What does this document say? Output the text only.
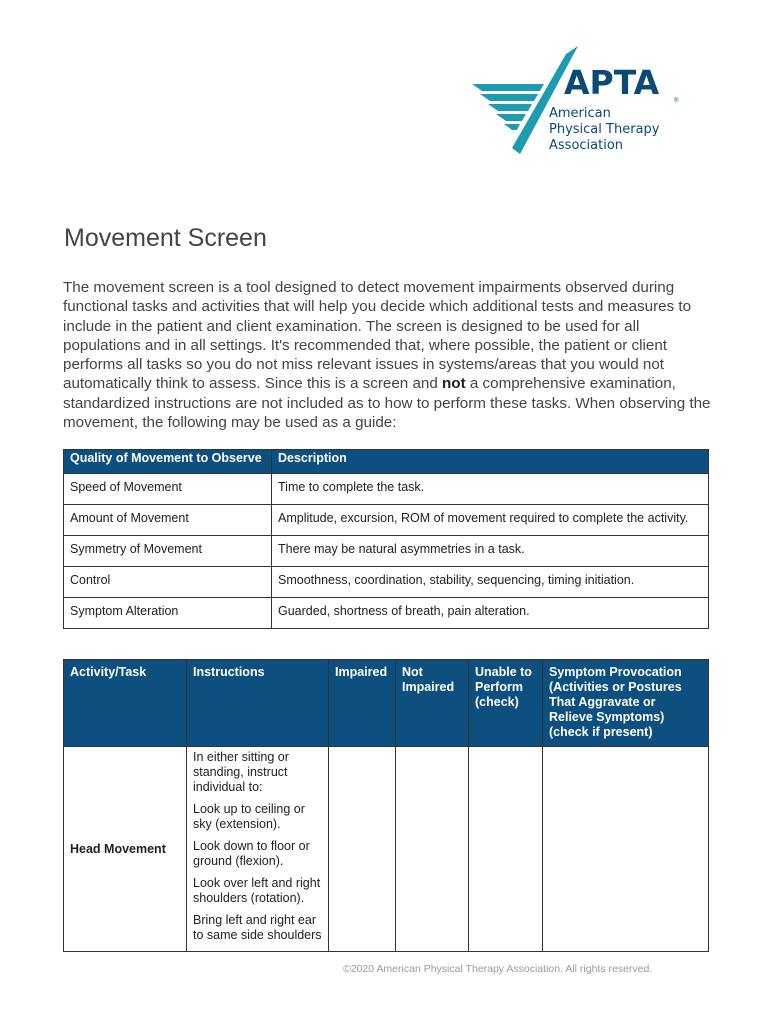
APTA ®
American
Physical Therapy
Association
Movement Screen

The movement screen is a tool designed to detect movement impairments observed during functional tasks and activities that will help you decide which additional tests and measures to include in the patient and client examination. The screen is designed to be used for all populations and in all settings. It's recommended that, where possible, the patient or client performs all tasks so you do not miss relevant issues in systems/areas that you would not automatically think to assess. Since this is a screen and not a comprehensive examination, standardized instructions are not included as to how to perform these tasks. When observing the movement, the following may be used as a guide:

Quality of Movement to Observe	Description
Speed of Movement	Time to complete the task.
Amount of Movement	Amplitude, excursion, ROM of movement required to complete the activity.
Symmetry of Movement	There may be natural asymmetries in a task.
Control	Smoothness, coordination, stability, sequencing, timing initiation.
Symptom Alteration	Guarded, shortness of breath, pain alteration.
Activity/Task	Instructions	Impaired	Not Impaired	Unable to Perform (check)	Symptom Provocation (Activities or Postures That Aggravate or Relieve Symptoms) (check if present)
Head Movement	In either sitting or standing, instruct individual to:

Look up to ceiling or sky (extension).

Look down to floor or ground (flexion).

Look over left and right shoulders (rotation).

Bring left and right ear to same side shoulders				

©2020 American Physical Therapy Association. All rights reserved.
